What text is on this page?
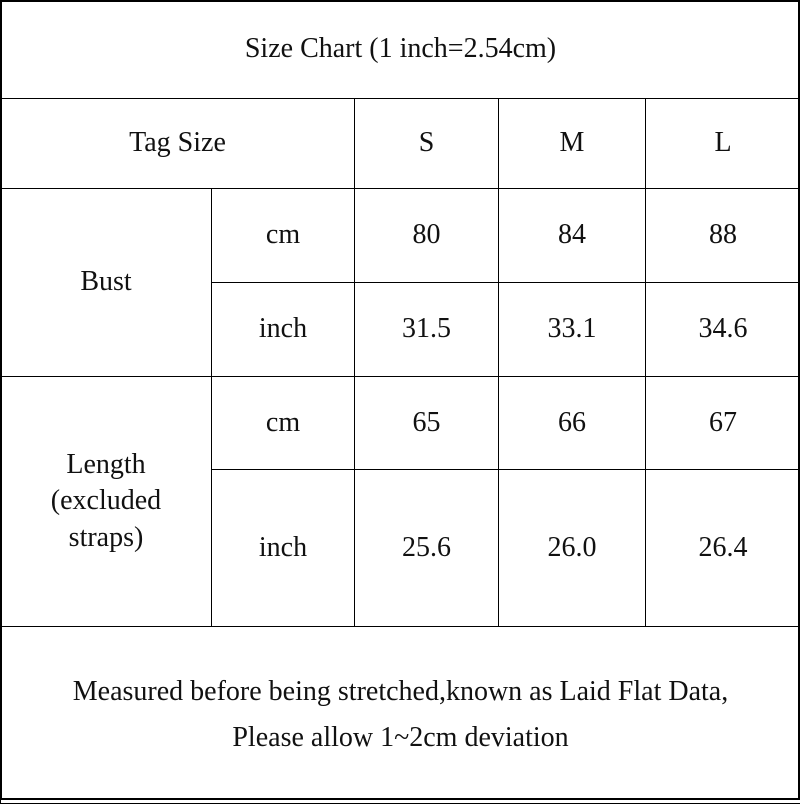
Size Chart (1 inch=2.54cm)				
Tag Size		S	M	L
Bust	cm	80	84	88
	inch	31.5	33.1	34.6

Length
(excluded
straps)	cm	65	66	67
	inch	25.6	26.0	26.4

Measured before being stretched,known as Laid Flat Data,
Please allow 1~2cm deviation				
